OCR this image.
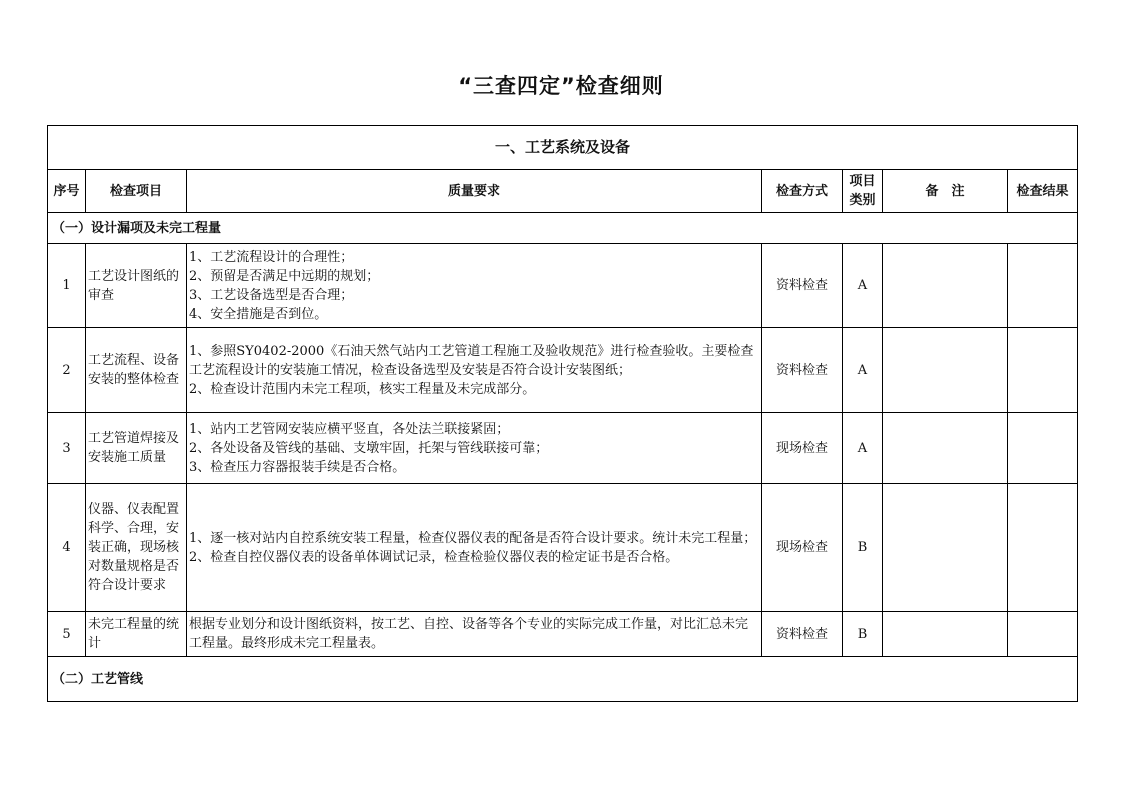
“三查四定”检查细则
一、工艺系统及设备						
序号	检查项目	质量要求	检查方式	项目类别	备　注	检查结果
（一）设计漏项及未完工程量						
1	工艺设计图纸的审查	1、工艺流程设计的合理性；
2、预留是否满足中远期的规划；
3、工艺设备选型是否合理；
4、安全措施是否到位。	资料检查	A		
2	工艺流程、设备安装的整体检查	1、参照SY0402-2000《石油天然气站内工艺管道工程施工及验收规范》进行检查验收。主要检查工艺流程设计的安装施工情况，检查设备选型及安装是否符合设计安装图纸；
2、检查设计范围内未完工程项，核实工程量及未完成部分。	资料检查	A		
3	工艺管道焊接及安装施工质量	1、站内工艺管网安装应横平竖直，各处法兰联接紧固；
2、各处设备及管线的基础、支墩牢固，托架与管线联接可靠；
3、检查压力容器报装手续是否合格。	现场检查	A		
4	仪器、仪表配置科学、合理，安装正确，现场核对数量规格是否符合设计要求	1、逐一核对站内自控系统安装工程量，检查仪器仪表的配备是否符合设计要求。统计未完工程量；
2、检查自控仪器仪表的设备单体调试记录，检查检验仪器仪表的检定证书是否合格。	现场检查	B		
5	未完工程量的统计	根据专业划分和设计图纸资料，按工艺、自控、设备等各个专业的实际完成工作量，对比汇总未完工程量。最终形成未完工程量表。	资料检查	B		
（二）工艺管线						
